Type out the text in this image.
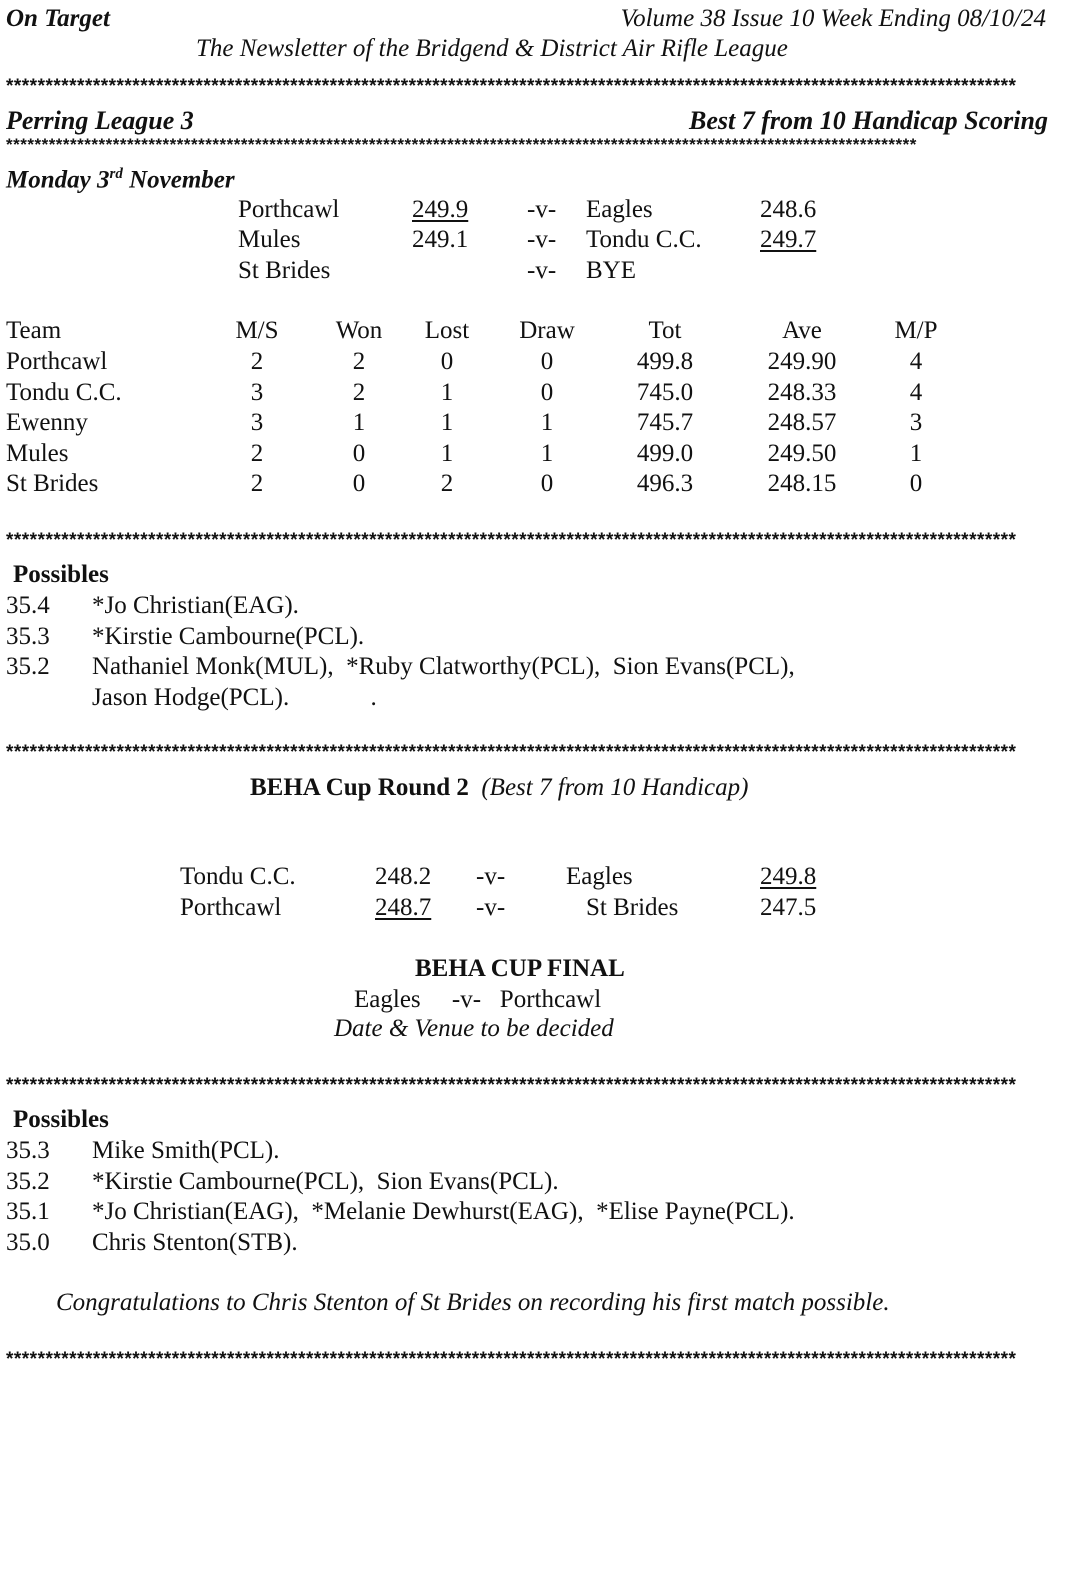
On Target	Volume 38 Issue 10 Week Ending 08/10/24
The Newsletter of the Bridgend & District Air Rifle League
********************************************************************************************************************************
Perring League 3	Best 7 from 10 Handicap Scoring
********************************************************************************************************************************
Monday 3rd November
Porthcawl	249.9 -v- Eagles	248.6
Mules	249.1 -v- Tondu C.C. 249.7
St Brides	-v- BYE
Team	M/S	Won	Lost	Draw	Tot	Ave	M/P
Porthcawl	2	2	0	0	499.8	249.90	4
Tondu C.C.	3	2	1	0	745.0	248.33	4
Ewenny	3	1	1	1	745.7	248.57	3
Mules	2	0	1	1	499.0	249.50	1
St Brides	2	0	2	0	496.3	248.15	0
********************************************************************************************************************************
Possibles
35.4 *Jo Christian(EAG).
35.3 *Kirstie Cambourne(PCL).
35.2 Nathaniel Monk(MUL),  *Ruby Clatworthy(PCL),  Sion Evans(PCL),
Jason Hodge(PCL).             .
********************************************************************************************************************************
BEHA Cup Round 2 (Best 7 from 10 Handicap)
Tondu C.C.	248.2 -v- Eagles	249.8
Porthcawl	248.7 -v-	St Brides	247.5
BEHA CUP FINAL
Eagles -v- Porthcawl
Date & Venue to be decided
********************************************************************************************************************************
Possibles
35.3 Mike Smith(PCL).
35.2 *Kirstie Cambourne(PCL),  Sion Evans(PCL).
35.1 *Jo Christian(EAG),  *Melanie Dewhurst(EAG),  *Elise Payne(PCL).
35.0 Chris Stenton(STB).
Congratulations to Chris Stenton of St Brides on recording his first match possible.
********************************************************************************************************************************
